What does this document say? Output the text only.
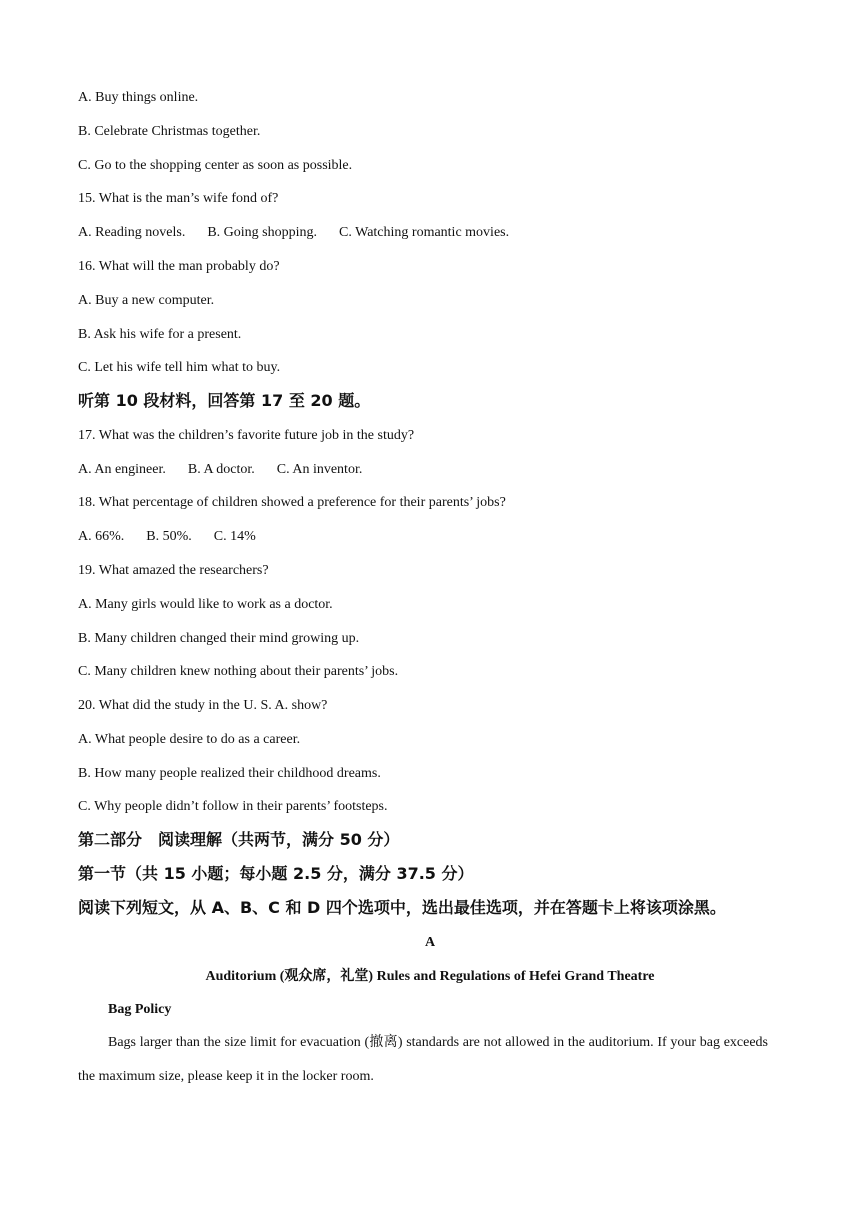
A. Buy things online.
B. Celebrate Christmas together.
C. Go to the shopping center as soon as possible.
15. What is the man’s wife fond of?
A. Reading novels. B. Going shopping. C. Watching romantic movies.
16. What will the man probably do?
A. Buy a new computer.
B. Ask his wife for a present.
C. Let his wife tell him what to buy.
听第 10 段材料，回答第 17 至 20 题。
17. What was the children’s favorite future job in the study?
A. An engineer. B. A doctor. C. An inventor.
18. What percentage of children showed a preference for their parents’ jobs?
A. 66%. B. 50%. C. 14%
19. What amazed the researchers?
A. Many girls would like to work as a doctor.
B. Many children changed their mind growing up.
C. Many children knew nothing about their parents’ jobs.
20. What did the study in the U. S. A. show?
A. What people desire to do as a career.
B. How many people realized their childhood dreams.
C. Why people didn’t follow in their parents’ footsteps.
第二部分　阅读理解（共两节，满分 50 分）
第一节（共 15 小题；每小题 2.5 分，满分 37.5 分）
阅读下列短文，从 A、B、C 和 D 四个选项中，选出最佳选项，并在答题卡上将该项涂黑。
A
Auditorium (观众席，礼堂) Rules and Regulations of Hefei Grand Theatre
Bag Policy
Bags larger than the size limit for evacuation (撤离) standards are not allowed in the auditorium. If your bag exceeds the maximum size, please keep it in the locker room.
